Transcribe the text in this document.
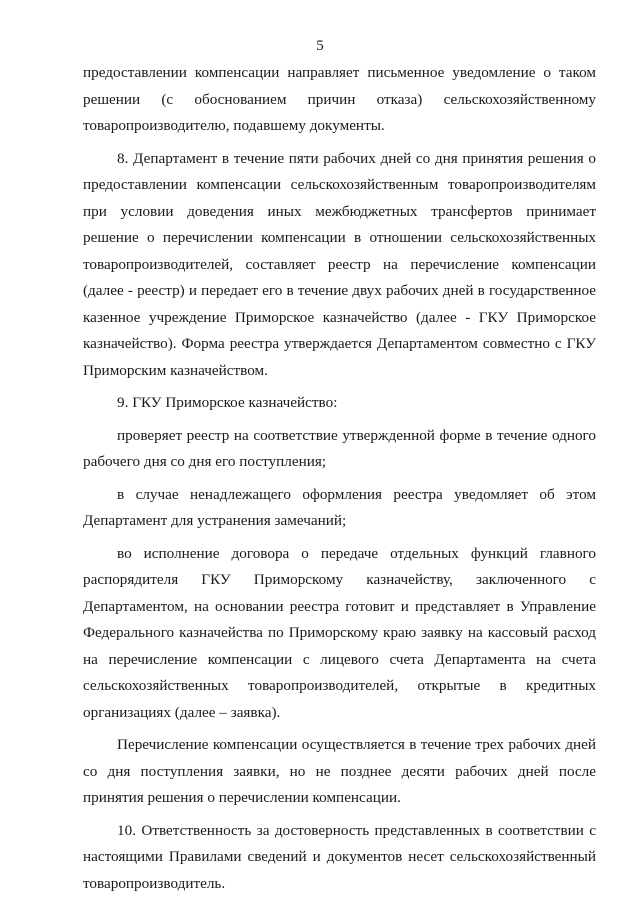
5

предоставлении компенсации направляет письменное уведомление о таком решении (с обоснованием причин отказа) сельскохозяйственному товаропроизводителю, подавшему документы.

8. Департамент в течение пяти рабочих дней со дня принятия решения о предоставлении компенсации сельскохозяйственным товаропроизводителям при условии доведения иных межбюджетных трансфертов принимает решение о перечислении компенсации в отношении сельскохозяйственных товаропроизводителей, составляет реестр на перечисление компенсации (далее - реестр) и передает его в течение двух рабочих дней в государственное казенное учреждение Приморское казначейство (далее - ГКУ Приморское казначейство). Форма реестра утверждается Департаментом совместно с ГКУ Приморским казначейством.

9. ГКУ Приморское казначейство:

проверяет реестр на соответствие утвержденной форме в течение одного рабочего дня со дня его поступления;

в случае ненадлежащего оформления реестра уведомляет об этом Департамент для устранения замечаний;

во исполнение договора о передаче отдельных функций главного распорядителя ГКУ Приморскому казначейству, заключенного с Департаментом, на основании реестра готовит и представляет в Управление Федерального казначейства по Приморскому краю заявку на кассовый расход на перечисление компенсации с лицевого счета Департамента на счета сельскохозяйственных товаропроизводителей, открытые в кредитных организациях (далее – заявка).

Перечисление компенсации осуществляется в течение трех рабочих дней со дня поступления заявки, но не позднее десяти рабочих дней после принятия решения о перечислении компенсации.

10. Ответственность за достоверность представленных в соответствии с настоящими Правилами сведений и документов несет сельскохозяйственный товаропроизводитель.
